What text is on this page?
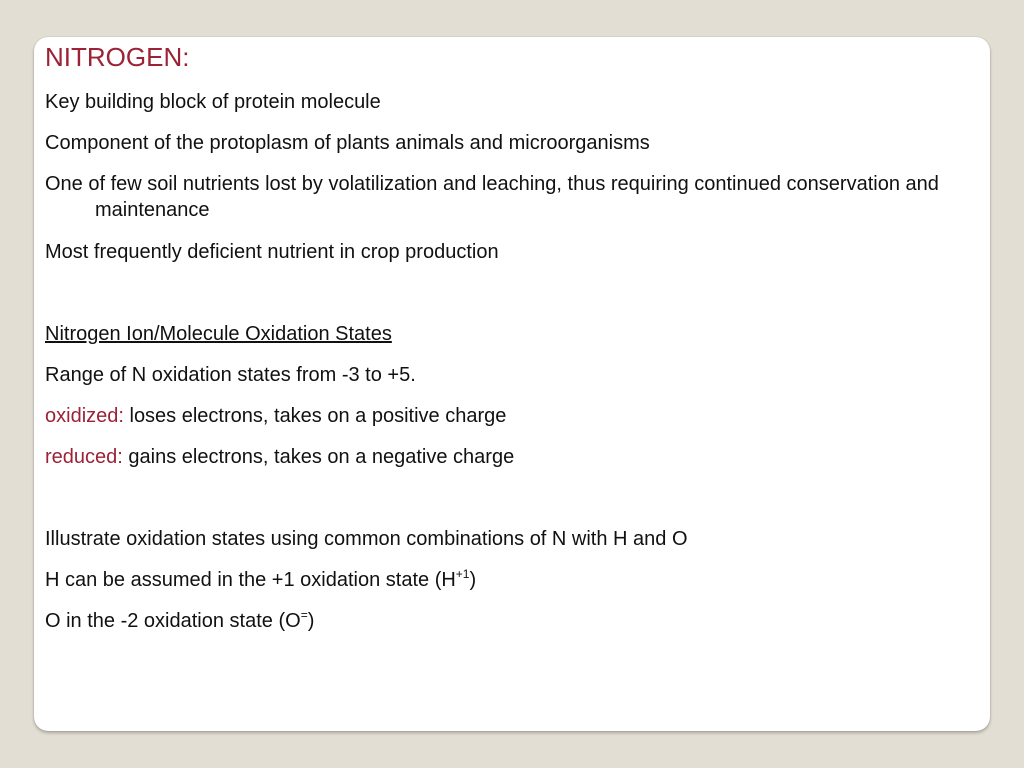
NITROGEN:
Key building block of protein molecule
Component of the protoplasm of plants animals and microorganisms
One of few soil nutrients lost by volatilization and leaching, thus requiring continued conservation and maintenance
Most frequently deficient nutrient in crop production
Nitrogen Ion/Molecule Oxidation States
Range of N oxidation states from -3 to +5.
oxidized: loses electrons, takes on a positive charge
reduced: gains electrons, takes on a negative charge
Illustrate oxidation states using common combinations of N with H and O
H can be assumed in the +1 oxidation state $(H^{+1})$
O in the -2 oxidation state (O=)
